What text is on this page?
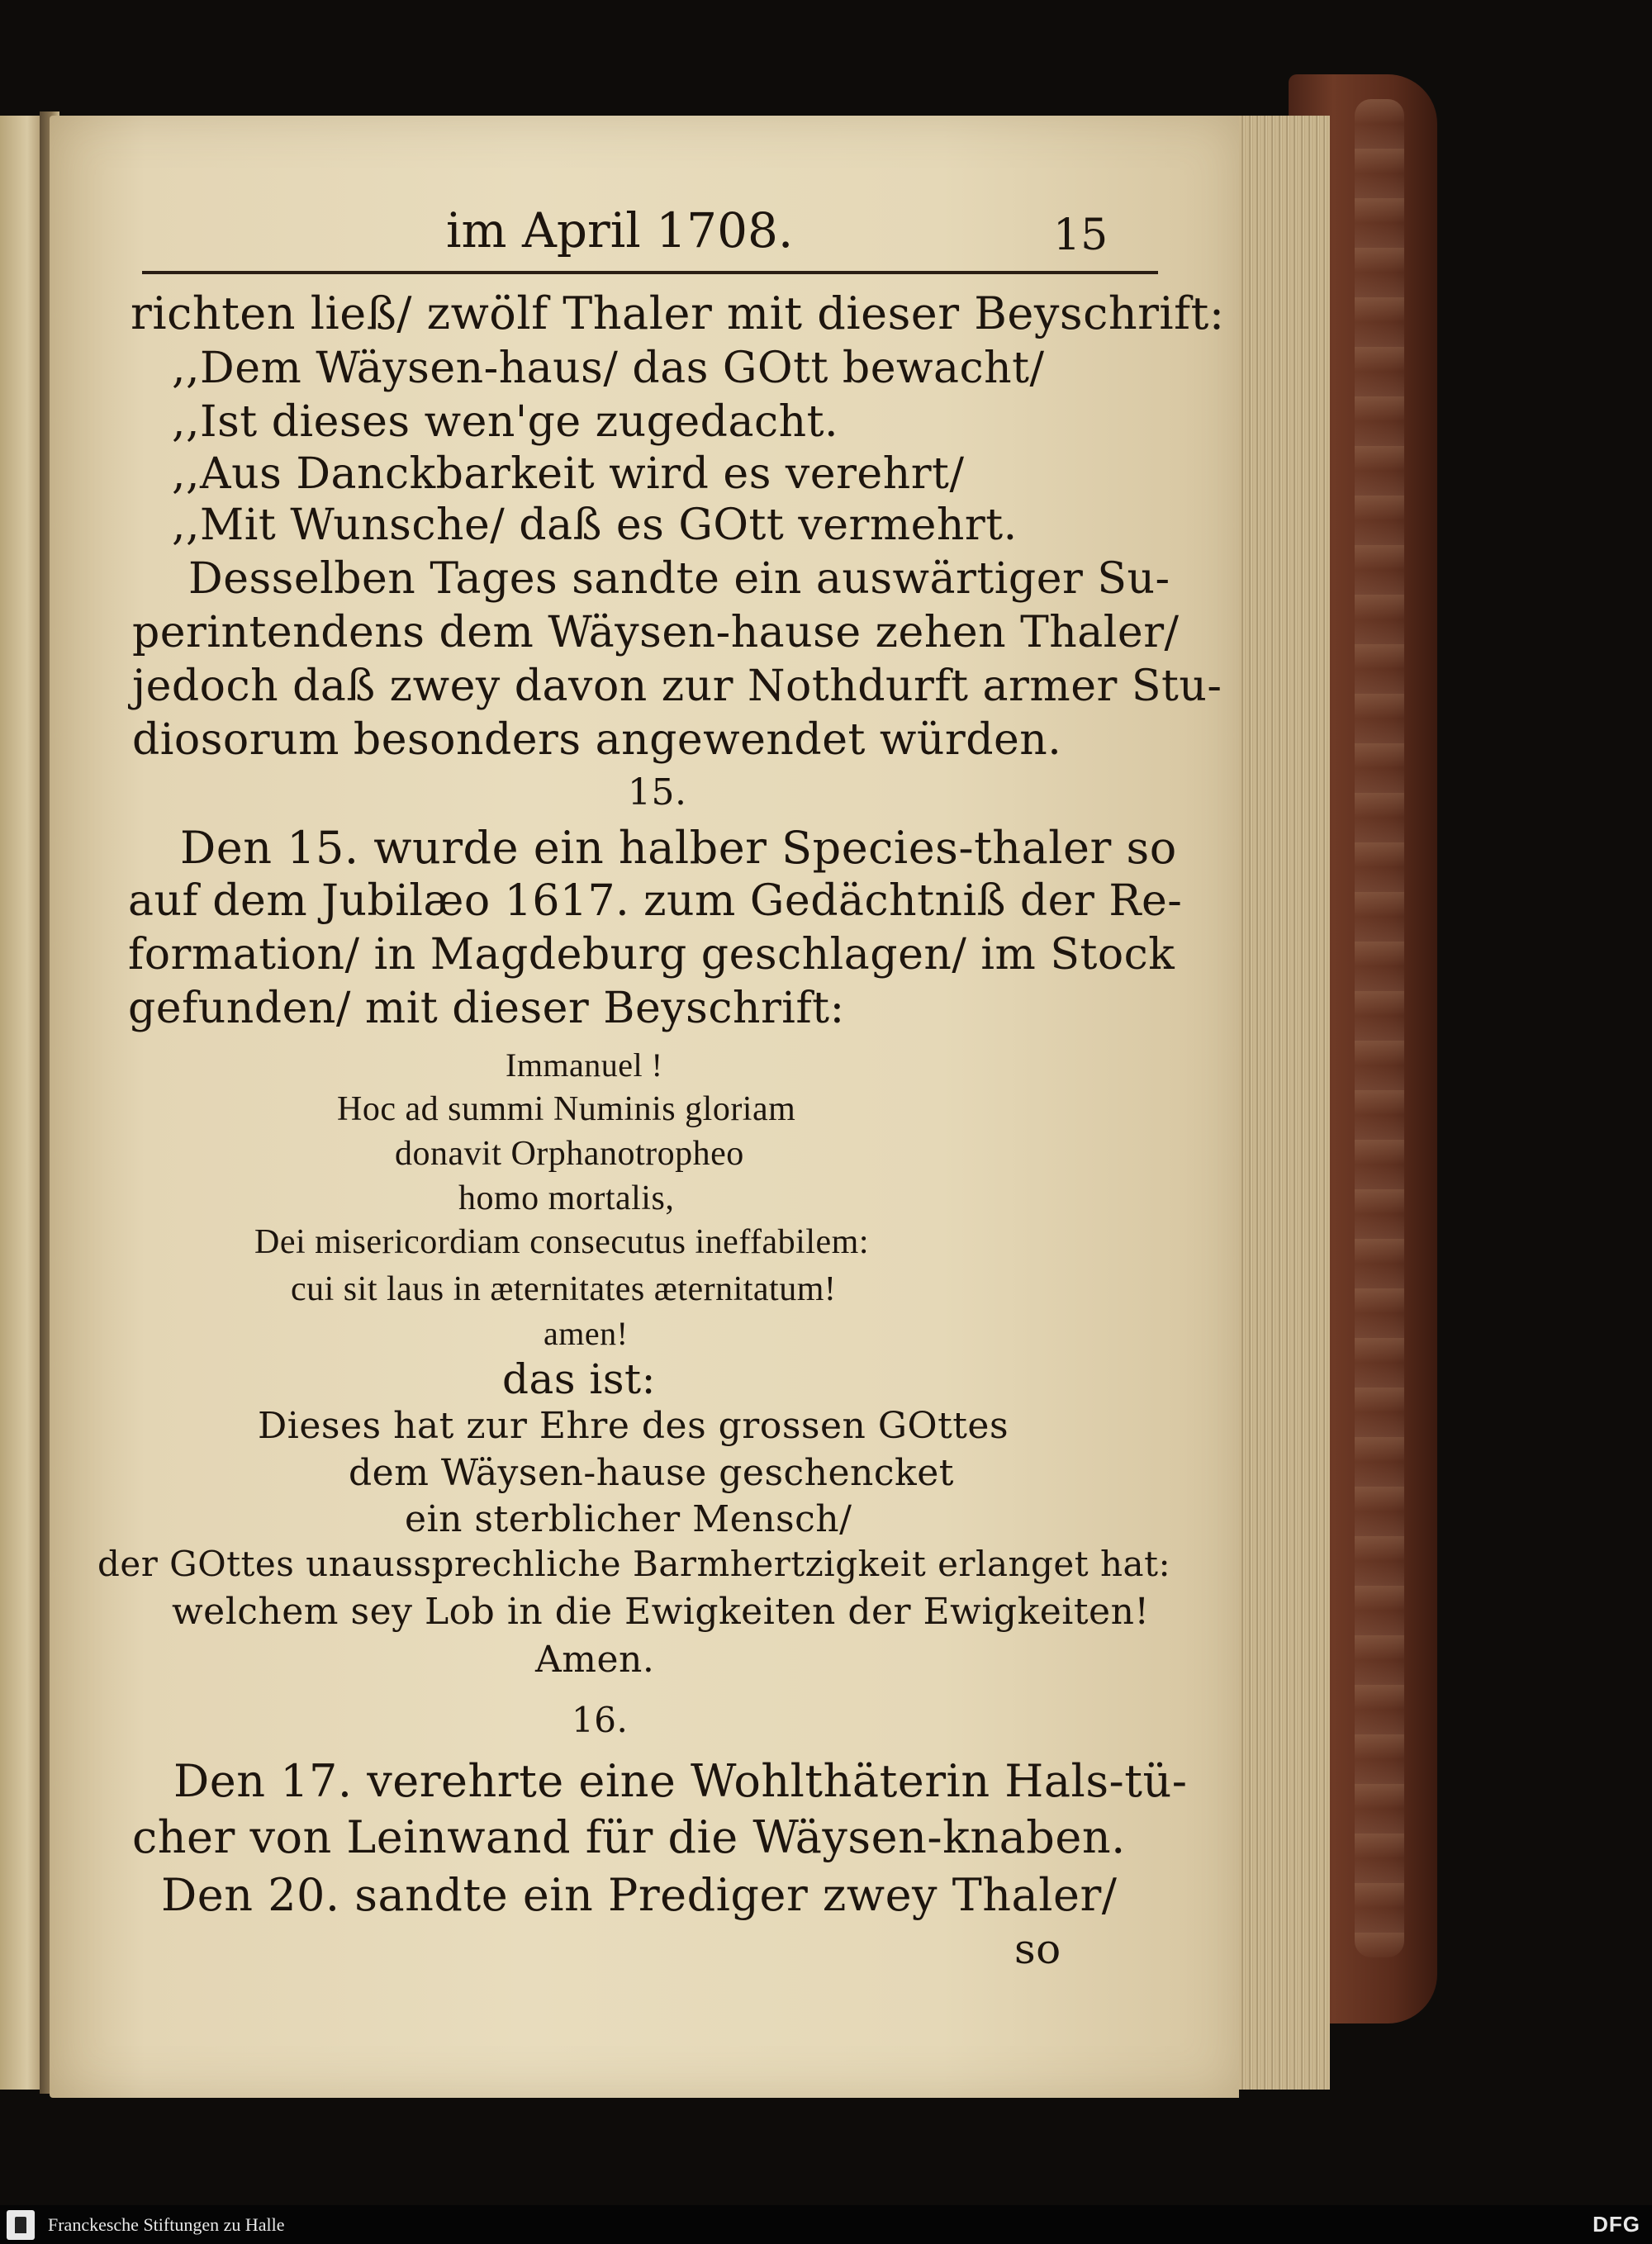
im April 1708.	15
richten ließ/ zwölf Thaler mit dieser Beyschrift:
,,Dem Wäysen-haus/ das GOtt bewacht/
,,Ist dieses wen'ge zugedacht.
,,Aus Danckbarkeit wird es verehrt/
,,Mit Wunsche/ daß es GOtt vermehrt.
Desselben Tages sandte ein auswärtiger Su-
perintendens dem Wäysen-hause zehen Thaler/
jedoch daß zwey davon zur Nothdurft armer Stu-
diosorum besonders angewendet würden.
15.
Den 15. wurde ein halber Species-thaler so
auf dem Jubilæo 1617. zum Gedächtniß der Re-
formation/ in Magdeburg geschlagen/ im Stock
gefunden/ mit dieser Beyschrift:
Immanuel !
Hoc ad summi Numinis gloriam
donavit Orphanotropheo
homo mortalis,
Dei misericordiam consecutus ineffabilem:
cui sit laus in æternitates æternitatum!
amen!
das ist:
Dieses hat zur Ehre des grossen GOttes
dem Wäysen-hause geschencket
ein sterblicher Mensch/
der GOttes unaussprechliche Barmhertzigkeit erlanget hat:
welchem sey Lob in die Ewigkeiten der Ewigkeiten!
Amen.
16.
Den 17. verehrte eine Wohlthäterin Hals-tü-
cher von Leinwand für die Wäysen-knaben.
Den 20. sandte ein Prediger zwey Thaler/
so
Franckesche Stiftungen zu Halle	DFG
